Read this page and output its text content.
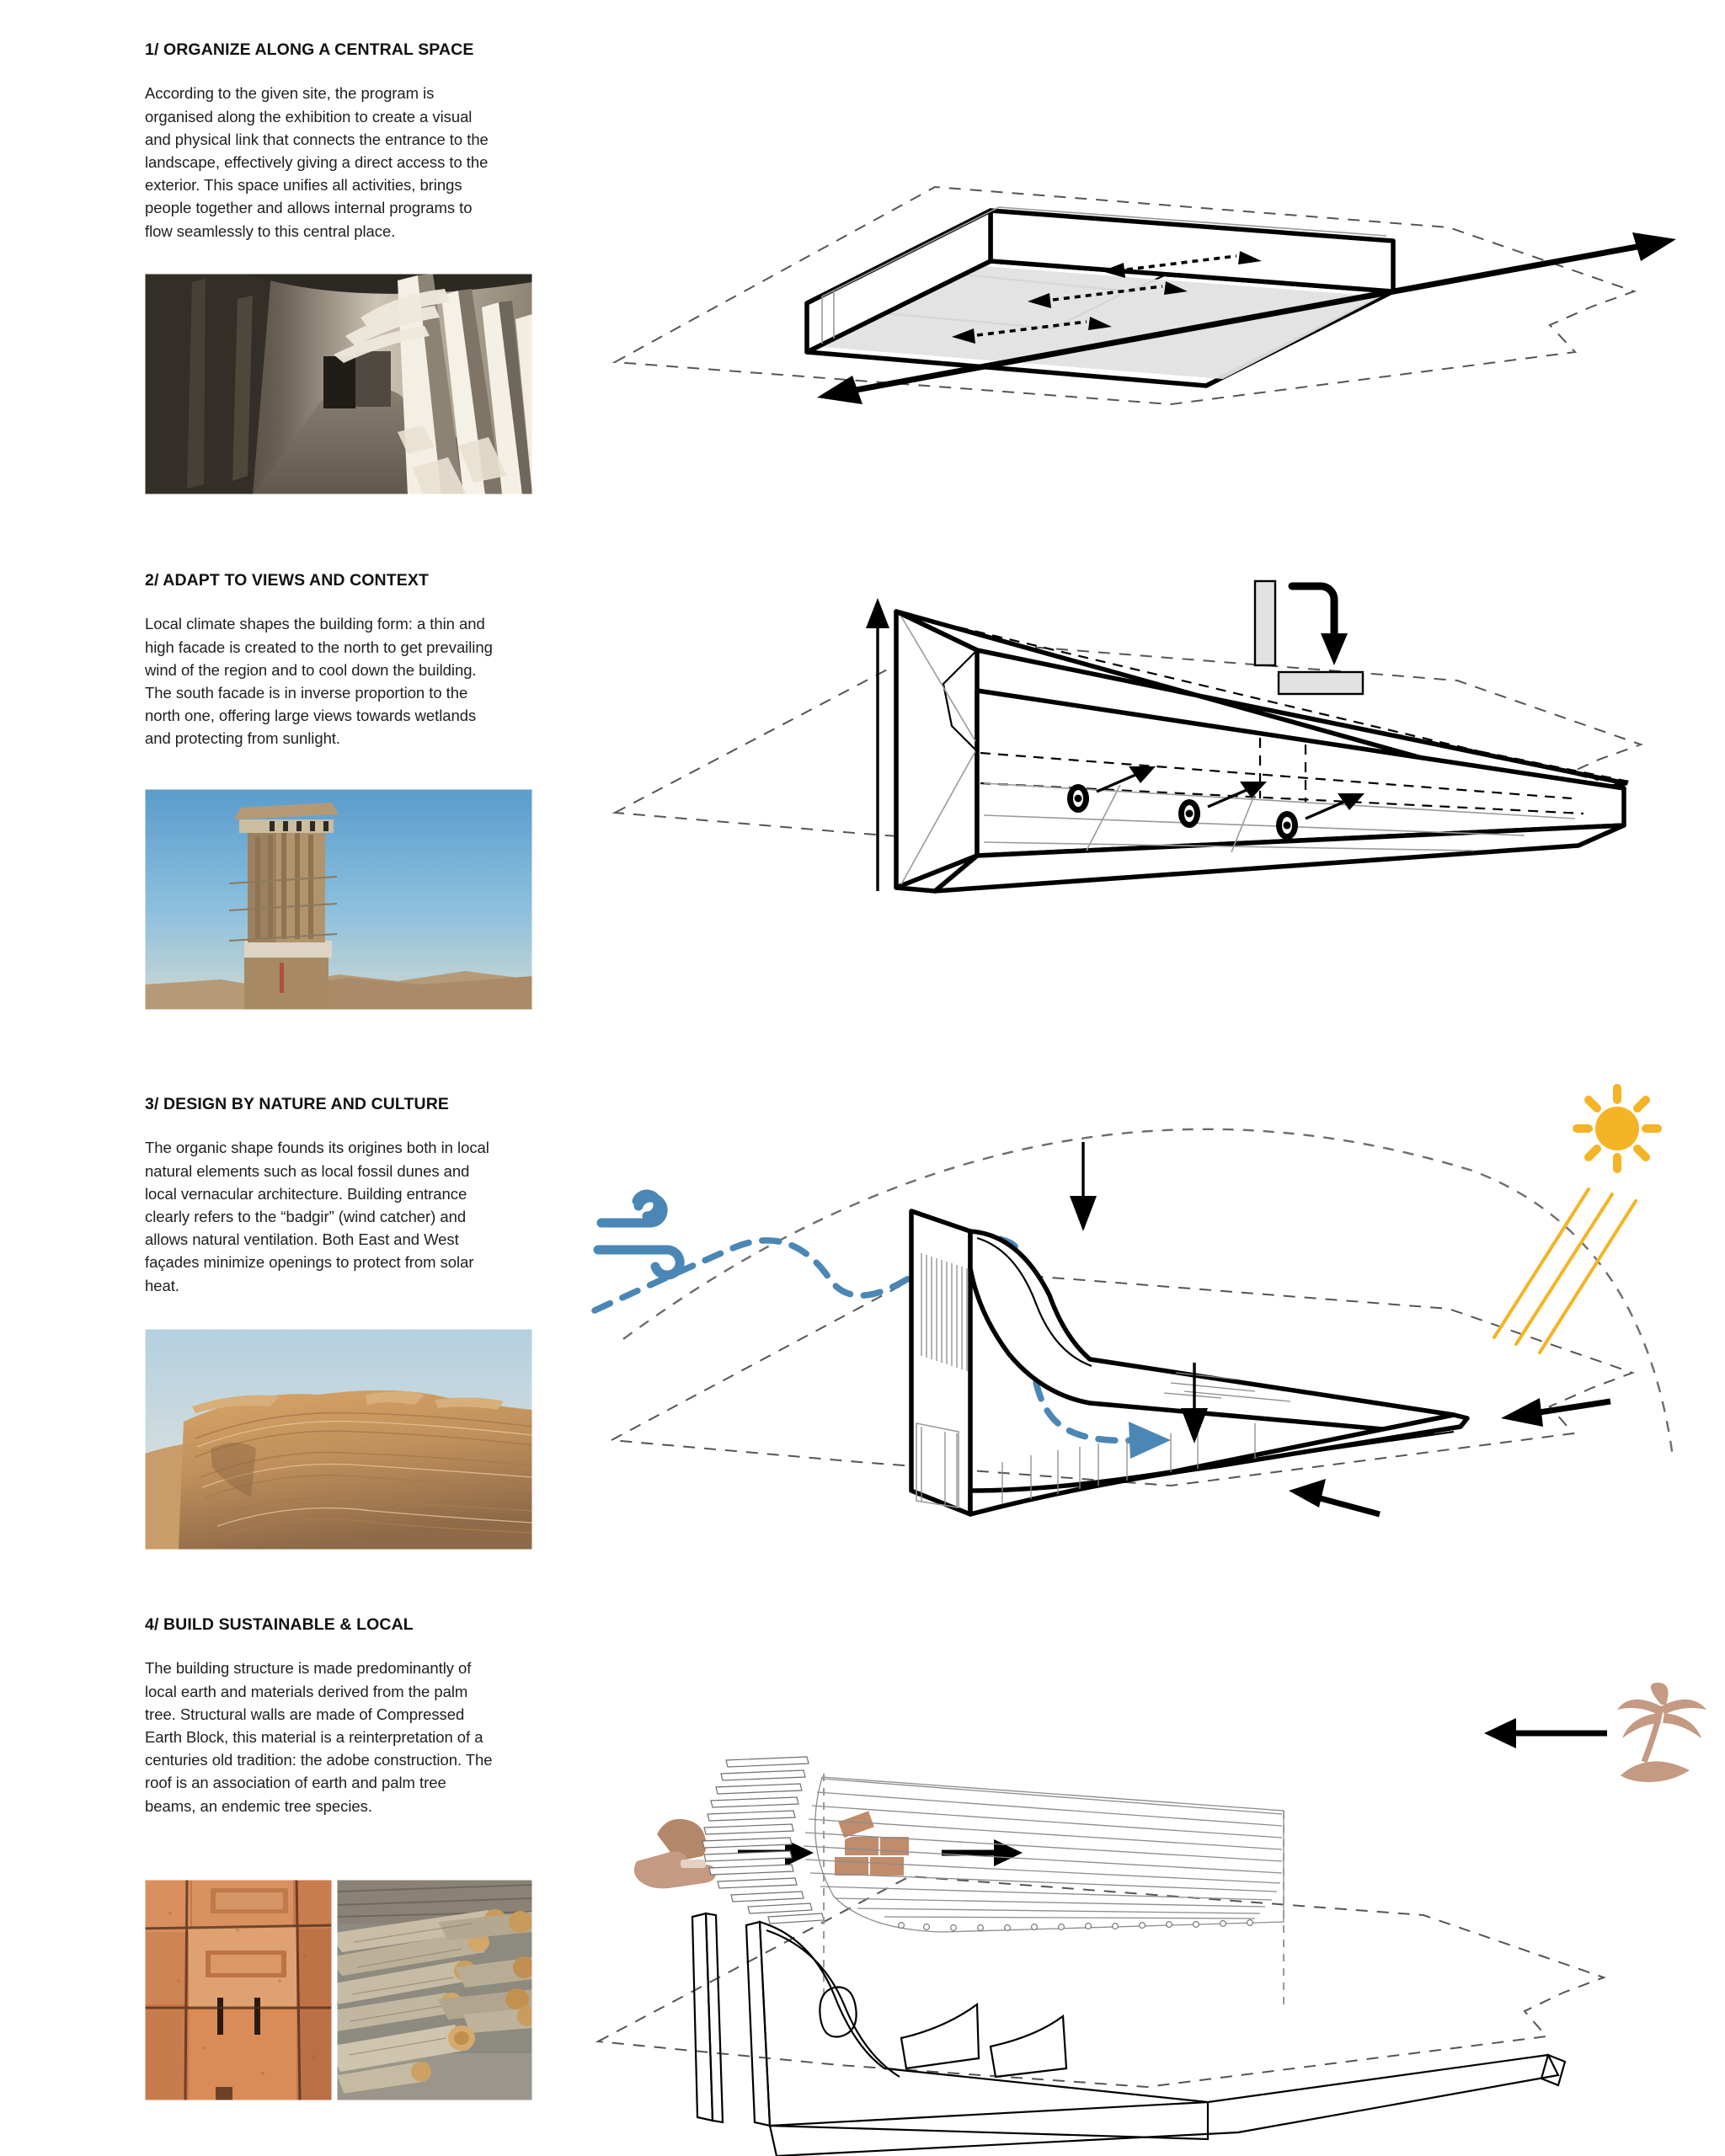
1/ ORGANIZE ALONG A CENTRAL SPACE

According to the given site, the program is organised along the exhibition to create a visual and physical link that connects the entrance to the landscape, effectively giving a direct access to the exterior. This space unifies all activities, brings people together and allows internal programs to flow seamlessly to this central place.

2/ ADAPT TO VIEWS AND CONTEXT

Local climate shapes the building form: a thin and high facade is created to the north to get prevailing wind of the region and to cool down the building. The south facade is in inverse proportion to the north one, offering large views towards wetlands and protecting from sunlight.

3/ DESIGN BY NATURE AND CULTURE

The organic shape founds its origines both in local natural elements such as local fossil dunes and local vernacular architecture. Building entrance clearly refers to the “badgir” (wind catcher) and allows natural ventilation. Both East and West façades minimize openings to protect from solar heat.

4/ BUILD SUSTAINABLE & LOCAL

The building structure is made predominantly of local earth and materials derived from the palm tree. Structural walls are made of Compressed Earth Block, this material is a reinterpretation of a centuries old tradition: the adobe construction. The roof is an association of earth and palm tree beams, an endemic tree species.
